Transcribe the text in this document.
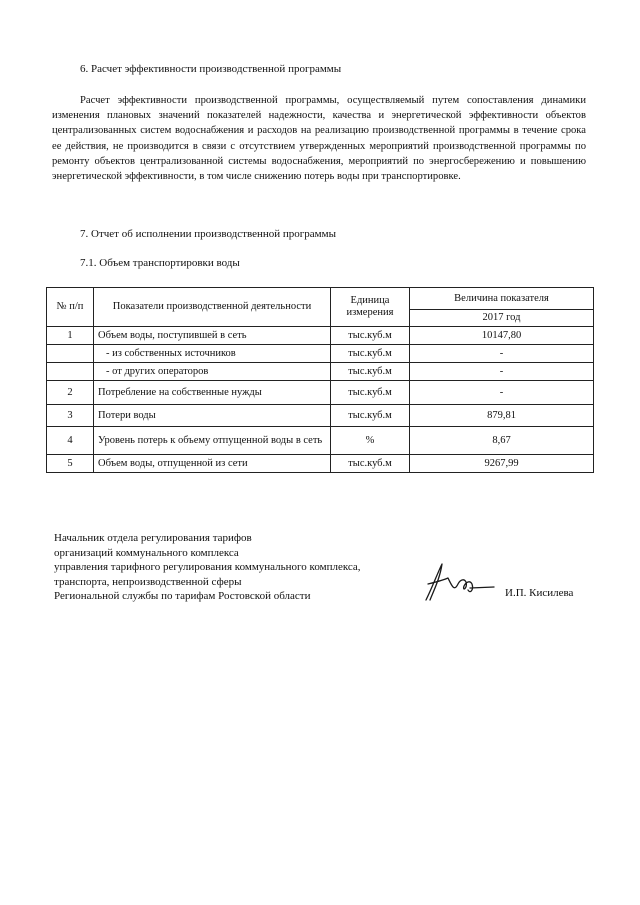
6. Расчет эффективности производственной программы
Расчет эффективности производственной программы, осуществляемый путем сопоставления динамики изменения плановых значений показателей надежности, качества и энергетической эффективности объектов централизованных систем водоснабжения и расходов на реализацию производственной программы в течение срока ее действия, не производится в связи с отсутствием утвержденных мероприятий производственной программы по ремонту объектов централизованной системы водоснабжения, мероприятий по энергосбережению и повышению энергетической эффективности, в том числе снижению потерь воды при транспортировке.
7. Отчет об исполнении производственной программы
7.1. Объем транспортировки воды
№ п/п	Показатели производственной деятельности	Единица измерения	Величина показателя
			2017 год
1	Объем воды, поступившей в сеть	тыс.куб.м	10147,80
	- из собственных источников	тыс.куб.м	-
	- от других операторов	тыс.куб.м	-
2	Потребление на собственные нужды	тыс.куб.м	-
3	Потери воды	тыс.куб.м	879,81
4	Уровень потерь к объему отпущенной воды в сеть	%	8,67
5	Объем воды, отпущенной из сети	тыс.куб.м	9267,99
Начальник отдела регулирования тарифов
организаций коммунального комплекса
управления тарифного регулирования коммунального комплекса,
транспорта, непроизводственной сферы
Региональной службы по тарифам Ростовской области	И.П. Кисилева
